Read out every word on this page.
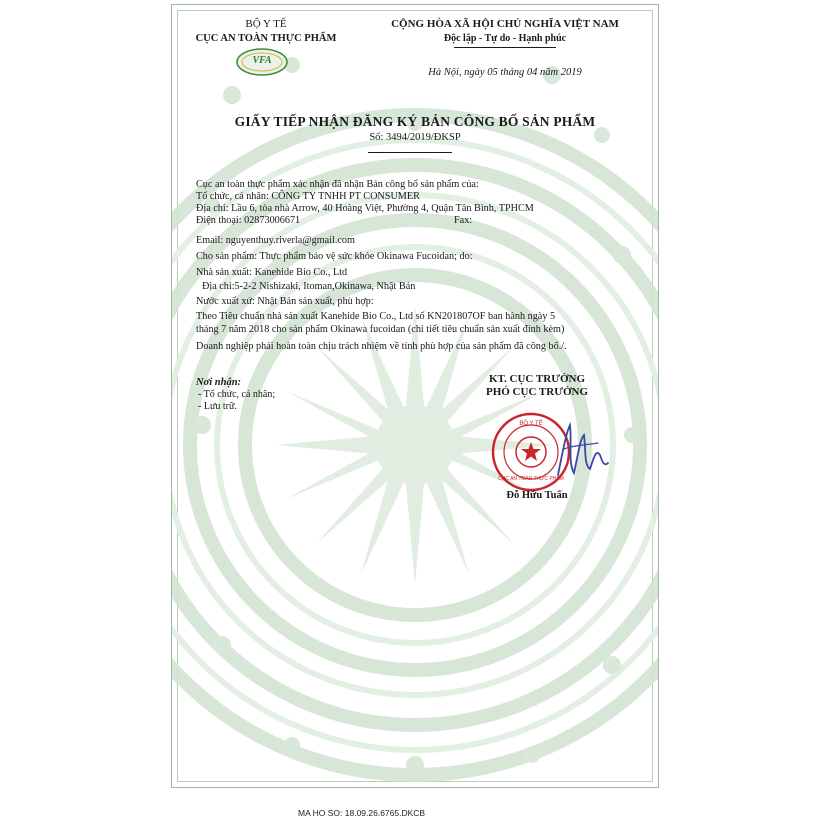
BỘ Y TẾ
CỤC AN TOÀN THỰC PHẨM
VFA
CỘNG HÒA XÃ HỘI CHỦ NGHĨA VIỆT NAM
Độc lập - Tự do - Hạnh phúc
Hà Nội, ngày 05 tháng 04 năm 2019
GIẤY TIẾP NHẬN ĐĂNG KÝ BẢN CÔNG BỐ SẢN PHẨM
Số: 3494/2019/ĐKSP
Cục an toàn thực phẩm xác nhận đã nhận Bản công bố sản phẩm của:
Tổ chức, cá nhân: CÔNG TY TNHH PT CONSUMER
Địa chỉ: Lầu 6, tòa nhà Arrow, 40 Hoàng Việt, Phường 4, Quận Tân Bình, TPHCM
Điện thoại: 02873006671	Fax:
Email: nguyenthuy.riverla@gmail.com
Cho sản phẩm: Thực phẩm bảo vệ sức khỏe Okinawa Fucoidan; do:
Nhà sản xuất: Kanehide Bio Co., Ltd
Địa chỉ:5-2-2 Nishizaki, Itoman,Okinawa, Nhật Bản
Nước xuất xứ: Nhật Bản sản xuất, phù hợp:
Theo Tiêu chuẩn nhà sản xuất Kanehide Bio Co., Ltd số KN201807OF ban hành ngày 5
tháng 7 năm 2018 cho sản phẩm Okinawa fucoidan (chi tiết tiêu chuẩn sản xuất đính kèm)
Doanh nghiệp phải hoàn toàn chịu trách nhiệm về tính phù hợp của sản phẩm đã công bố./.
Nơi nhận:
- Tổ chức, cá nhân;
- Lưu trữ.
KT. CỤC TRƯỞNG
PHÓ CỤC TRƯỞNG
BỘ Y TẾ
CỤC AN TOÀN THỰC PHẨM
Đỗ Hữu Tuấn
MA HO SO: 18.09.26.6765.DKCB
